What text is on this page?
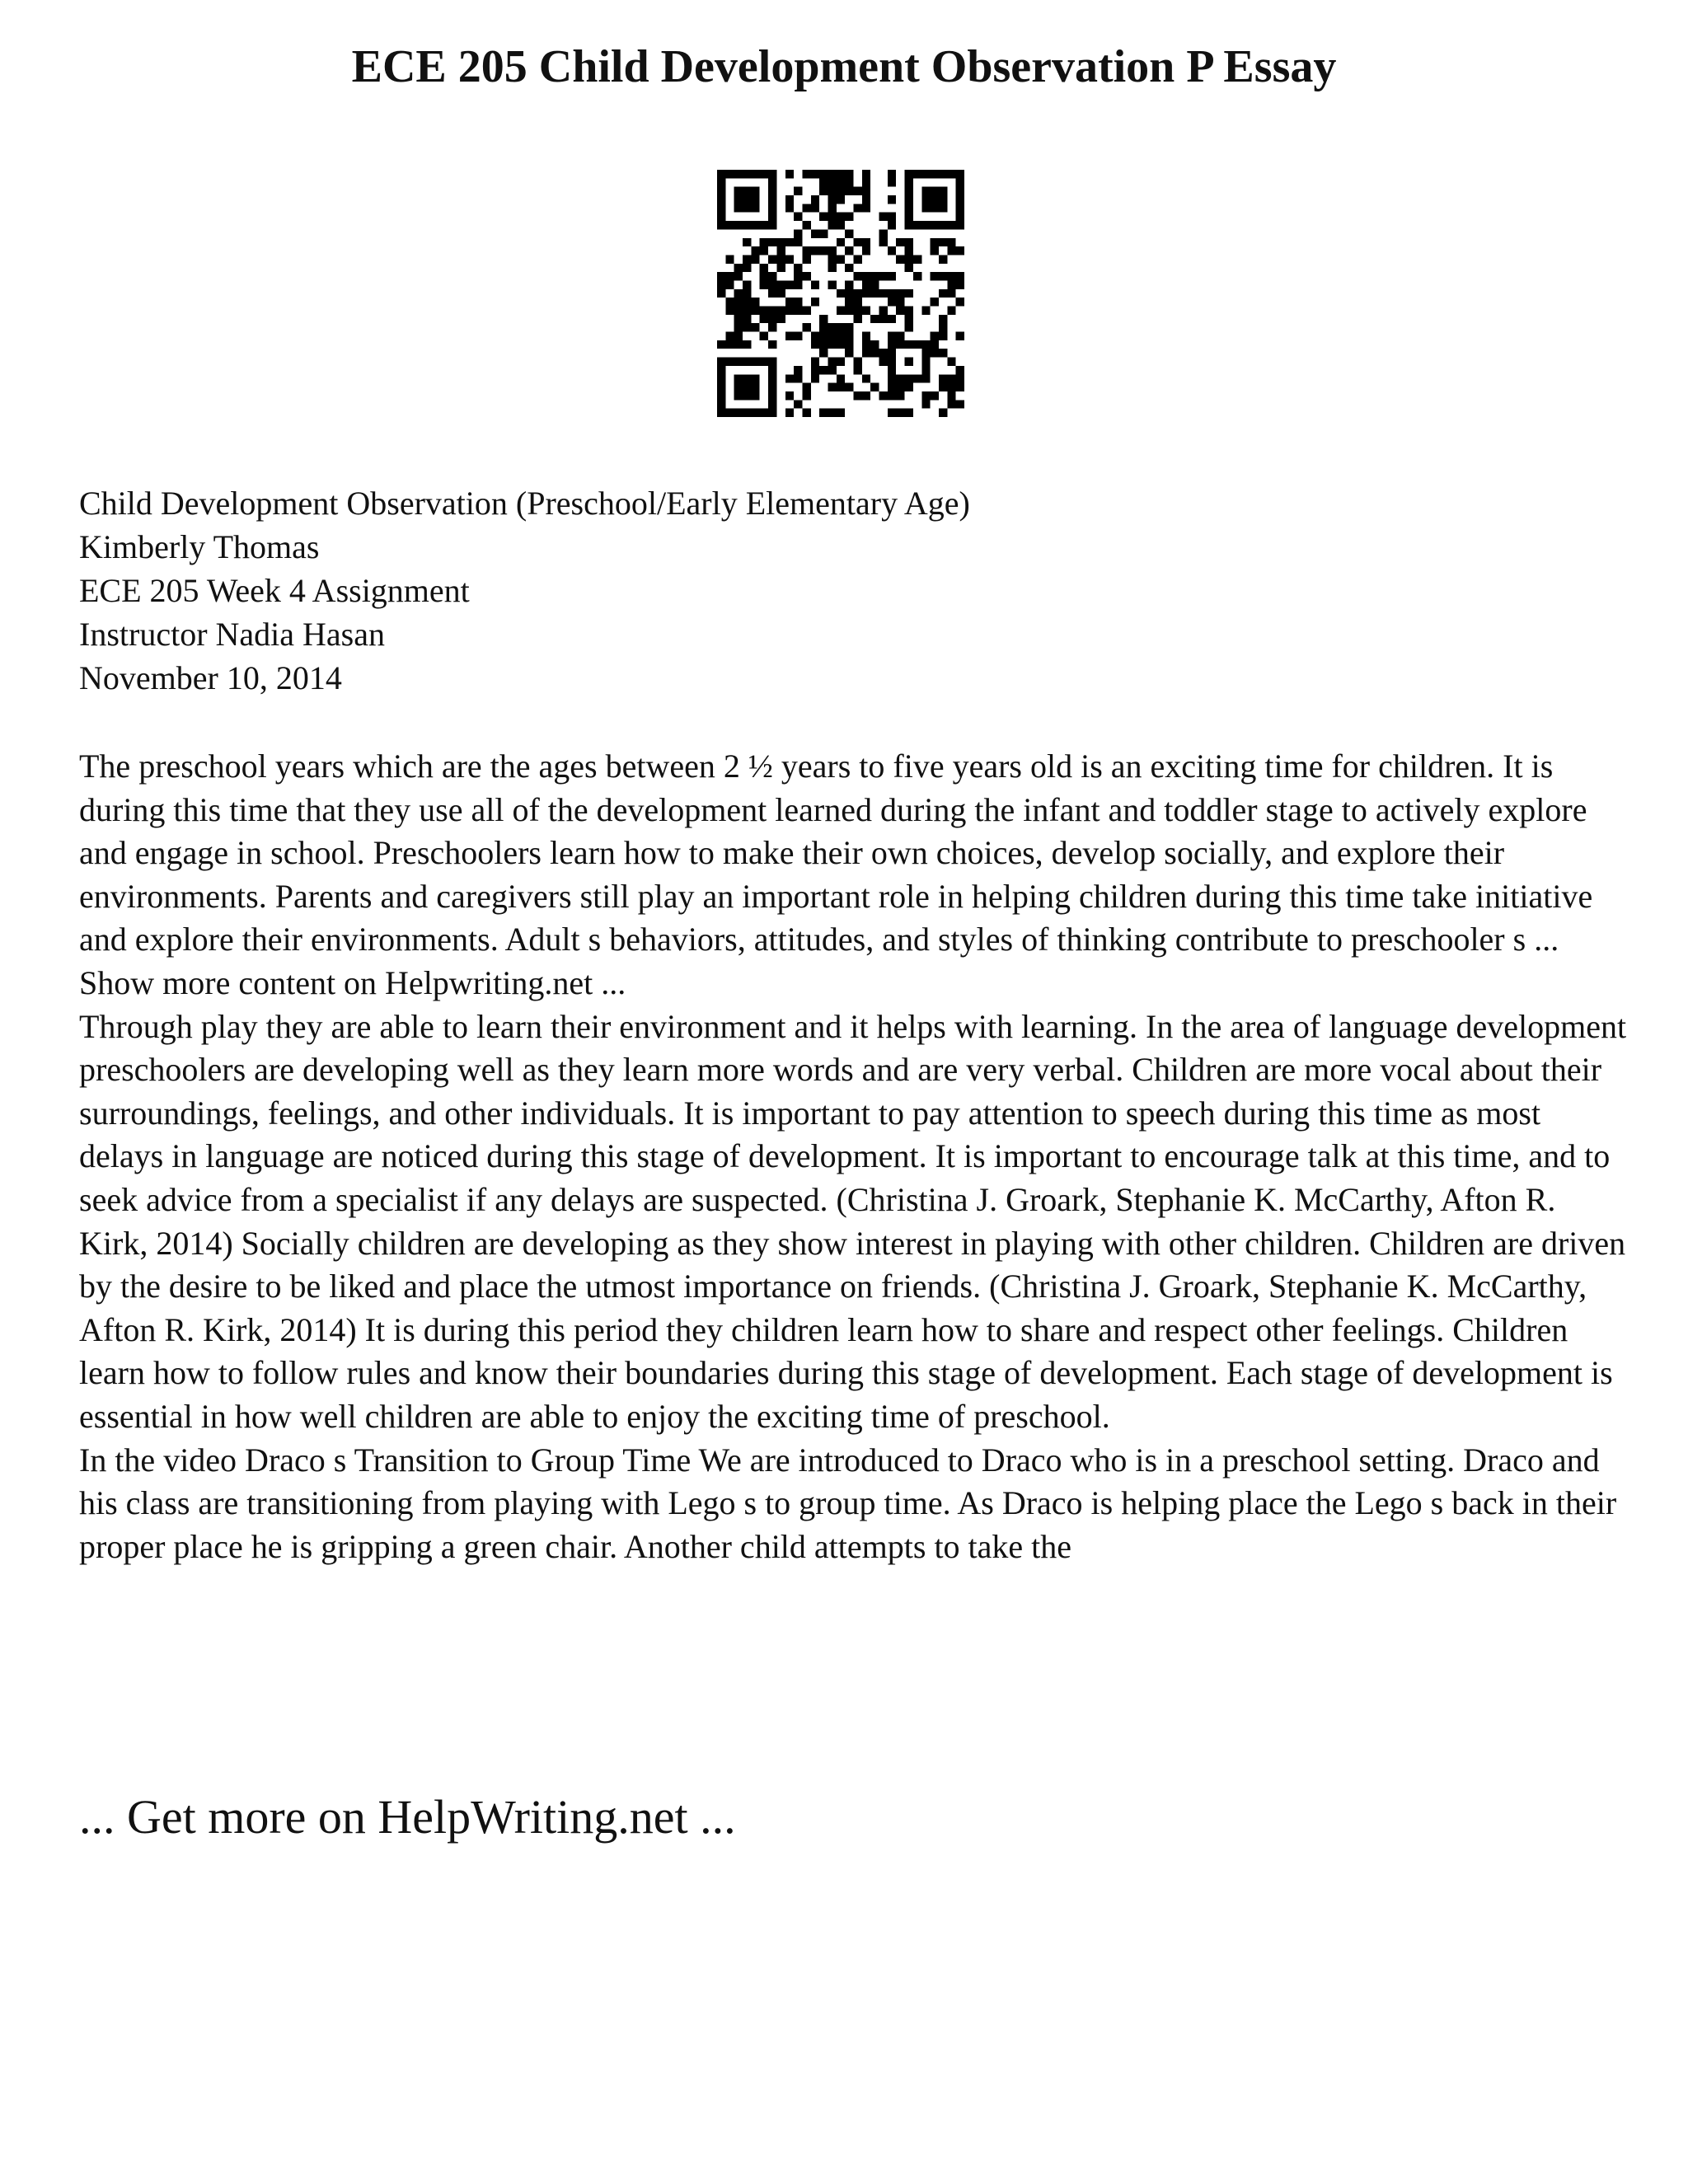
ECE 205 Child Development Observation P Essay
Child Development Observation (Preschool/Early Elementary Age)
Kimberly Thomas
ECE 205 Week 4 Assignment
Instructor Nadia Hasan
November 10, 2014

The preschool years which are the ages between 2 ½ years to five years old is an exciting time for children. It is during this time that they use all of the development learned during the infant and toddler stage to actively explore and engage in school. Preschoolers learn how to make their own choices, develop socially, and explore their environments. Parents and caregivers still play an important role in helping children during this time take initiative and explore their environments. Adult s behaviors, attitudes, and styles of thinking contribute to preschooler s ... Show more content on Helpwriting.net ...

Through play they are able to learn their environment and it helps with learning. In the area of language development preschoolers are developing well as they learn more words and are very verbal. Children are more vocal about their surroundings, feelings, and other individuals. It is important to pay attention to speech during this time as most delays in language are noticed during this stage of development. It is important to encourage talk at this time, and to seek advice from a specialist if any delays are suspected. (Christina J. Groark, Stephanie K. McCarthy, Afton R. Kirk, 2014) Socially children are developing as they show interest in playing with other children. Children are driven by the desire to be liked and place the utmost importance on friends. (Christina J. Groark, Stephanie K. McCarthy, Afton R. Kirk, 2014) It is during this period they children learn how to share and respect other feelings. Children learn how to follow rules and know their boundaries during this stage of development. Each stage of development is essential in how well children are able to enjoy the exciting time of preschool.

In the video Draco s Transition to Group Time We are introduced to Draco who is in a preschool setting. Draco and his class are transitioning from playing with Lego s to group time. As Draco is helping place the Lego s back in their proper place he is gripping a green chair. Another child attempts to take the

... Get more on HelpWriting.net ...
